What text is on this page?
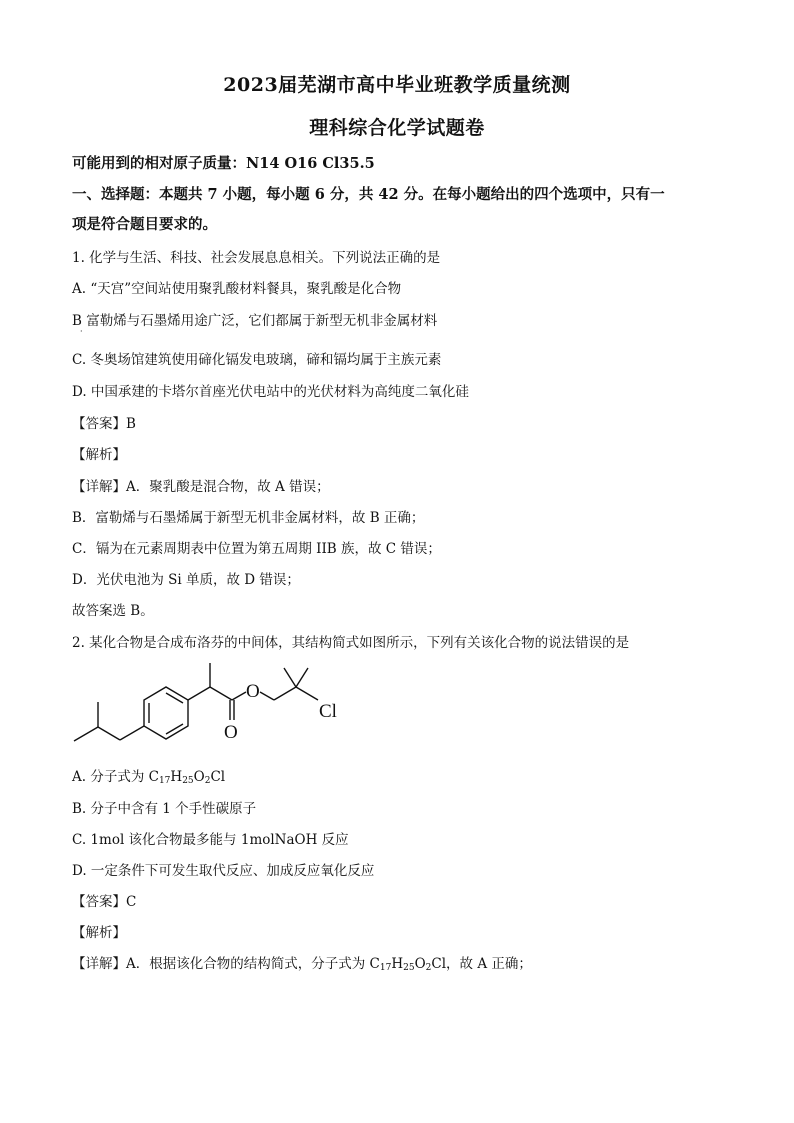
2023届芜湖市高中毕业班教学质量统测
理科综合化学试题卷
可能用到的相对原子质量：N14 O16 Cl35.5
一、选择题：本题共 7 小题，每小题 6 分，共 42 分。在每小题给出的四个选项中，只有一
项是符合题目要求的。
1. 化学与生活、科技、社会发展息息相关。下列说法正确的是
A. “天宫”空间站使用聚乳酸材料餐具，聚乳酸是化合物
B 富勒烯与石墨烯用途广泛，它们都属于新型无机非金属材料
·
C. 冬奥场馆建筑使用碲化镉发电玻璃，碲和镉均属于主族元素
D. 中国承建的卡塔尔首座光伏电站中的光伏材料为高纯度二氧化硅
【答案】B
【解析】
【详解】A．聚乳酸是混合物，故 A 错误；
B．富勒烯与石墨烯属于新型无机非金属材料，故 B 正确；
C．镉为在元素周期表中位置为第五周期 IIB 族，故 C 错误；
D．光伏电池为 Si 单质，故 D 错误；
故答案选 B。
2. 某化合物是合成布洛芬的中间体，其结构简式如图所示，下列有关该化合物的说法错误的是
O
O
Cl
A. 分子式为 $C_{17}H_{25}O_2Cl$
B. 分子中含有 1 个手性碳原子
C. 1mol 该化合物最多能与 1molNaOH 反应
D. 一定条件下可发生取代反应、加成反应氧化反应
【答案】C
【解析】
【详解】A．根据该化合物的结构简式，分子式为 $C_{17}H_{25}O_2Cl$，故 A 正确；
